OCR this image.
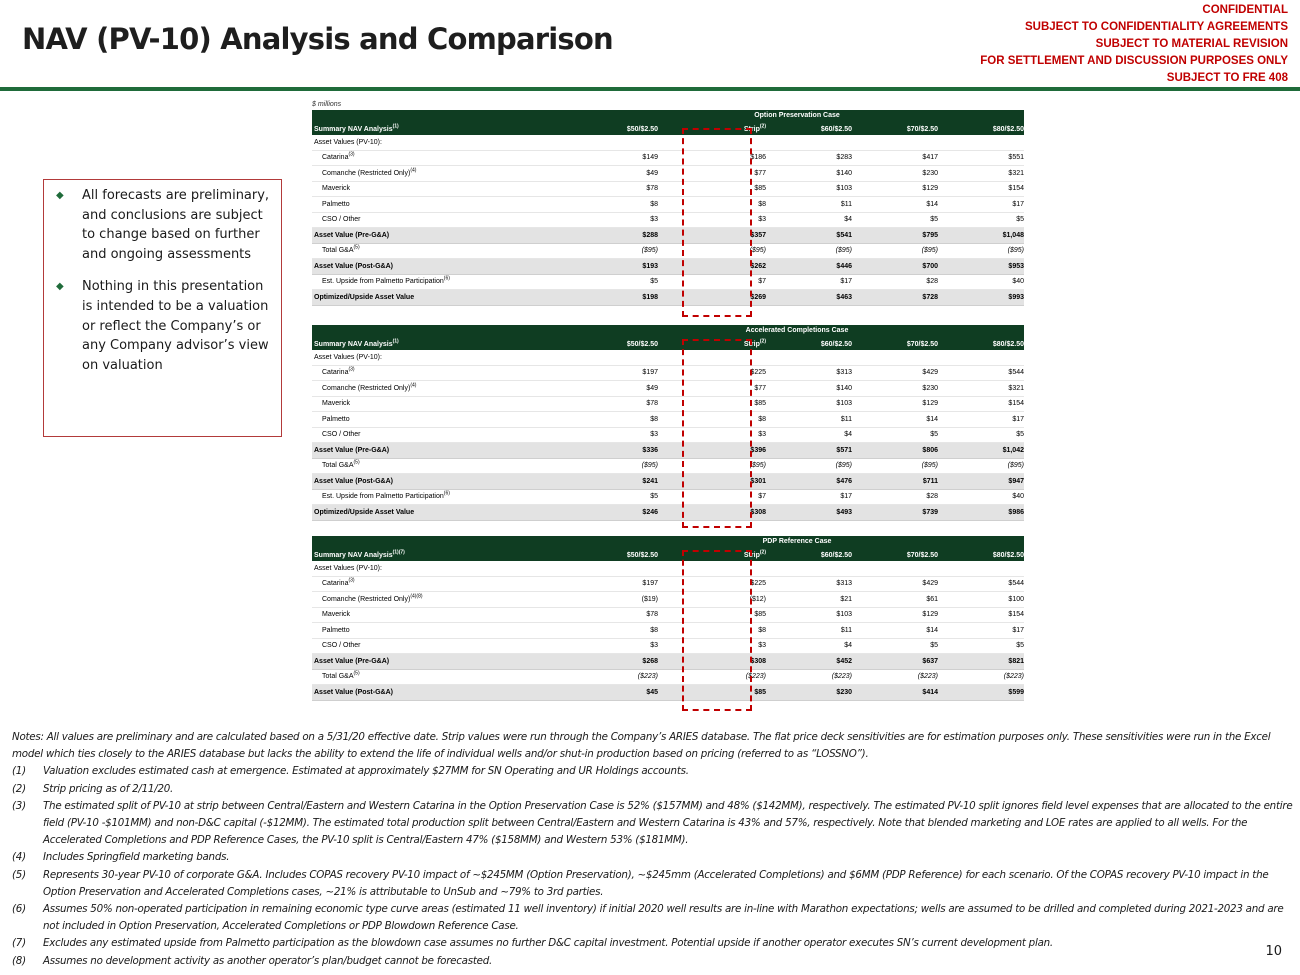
NAV (PV-10) Analysis and Comparison
CONFIDENTIAL
SUBJECT TO CONFIDENTIALITY AGREEMENTS
SUBJECT TO MATERIAL REVISION
FOR SETTLEMENT AND DISCUSSION PURPOSES ONLY
SUBJECT TO FRE 408
◆ All forecasts are preliminary, and conclusions are subject to change based on further and ongoing assessments
◆ Nothing in this presentation is intended to be a valuation or reflect the Company’s or any Company advisor’s view on valuation
$ millions
Option Preservation Case
Summary NAV Analysis$^{(1)}$	$50/$2.50	Strip$^{(2)}$	$60/$2.50	$70/$2.50	$80/$2.50
Asset Values (PV-10):
Catarina$^{(3)}$	$149	$186	$283	$417	$551
Comanche (Restricted Only)$^{(4)}$	$49	$77	$140	$230	$321
Maverick	$78	$85	$103	$129	$154
Palmetto	$8	$8	$11	$14	$17
CSO / Other	$3	$3	$4	$5	$5
Asset Value (Pre-G&A)	$288	$357	$541	$795	$1,048
Total $G\&A^{(5)}$	($95)	($95)	($95)	($95)	($95)
Asset Value (Post-G&A)	$193	$262	$446	$700	$953
Est. Upside from Palmetto Participation$^{(6)}$	$5	$7	$17	$28	$40
Optimized/Upside Asset Value	$198	$269	$463	$728	$993
Accelerated Completions Case
Summary NAV Analysis$^{(1)}$	$50/$2.50	Strip$^{(2)}$	$60/$2.50	$70/$2.50	$80/$2.50
Asset Values (PV-10):
Catarina$^{(3)}$	$197	$225	$313	$429	$544
Comanche (Restricted Only)$^{(4)}$	$49	$77	$140	$230	$321
Maverick	$78	$85	$103	$129	$154
Palmetto	$8	$8	$11	$14	$17
CSO / Other	$3	$3	$4	$5	$5
Asset Value (Pre-G&A)	$336	$396	$571	$806	$1,042
Total $G\&A^{(5)}$	($95)	($95)	($95)	($95)	($95)
Asset Value (Post-G&A)	$241	$301	$476	$711	$947
Est. Upside from Palmetto Participation$^{(6)}$	$5	$7	$17	$28	$40
Optimized/Upside Asset Value	$246	$308	$493	$739	$986
PDP Reference Case
Summary NAV Analysis$^{(1)(7)}$	$50/$2.50	Strip$^{(2)}$	$60/$2.50	$70/$2.50	$80/$2.50
Asset Values (PV-10):
Catarina$^{(3)}$	$197	$225	$313	$429	$544
Comanche (Restricted Only)$^{(4)(8)}$	($19)	($12)	$21	$61	$100
Maverick	$78	$85	$103	$129	$154
Palmetto	$8	$8	$11	$14	$17
CSO / Other	$3	$3	$4	$5	$5
Asset Value (Pre-G&A)	$268	$308	$452	$637	$821
Total $G\&A^{(5)}$	($223)	($223)	($223)	($223)	($223)
Asset Value (Post-G&A)	$45	$85	$230	$414	$599
Notes: All values are preliminary and are calculated based on a 5/31/20 effective date. Strip values were run through the Company’s ARIES database. The flat price deck sensitivities are for estimation purposes only. These sensitivities were run in the Excel model which ties closely to the ARIES database but lacks the ability to extend the life of individual wells and/or shut-in production based on pricing (referred to as “LOSSNO”).
(1)	Valuation excludes estimated cash at emergence. Estimated at approximately $27MM for SN Operating and UR Holdings accounts.
(2)	Strip pricing as of 2/11/20.
(3)	The estimated split of PV-10 at strip between Central/Eastern and Western Catarina in the Option Preservation Case is 52% ($157MM) and 48% ($142MM), respectively. The estimated PV-10 split ignores field level expenses that are allocated to the entire field (PV-10 -$101MM) and non-D&C capital (-$12MM). The estimated total production split between Central/Eastern and Western Catarina is 43% and 57%, respectively. Note that blended marketing and LOE rates are applied to all wells. For the Accelerated Completions and PDP Reference Cases, the PV-10 split is Central/Eastern 47% ($158MM) and Western 53% ($181MM).
(4)	Includes Springfield marketing bands.
(5)	Represents 30-year PV-10 of corporate G&A. Includes COPAS recovery PV-10 impact of ~$245MM (Option Preservation), ~$245mm (Accelerated Completions) and $6MM (PDP Reference) for each scenario. Of the COPAS recovery PV-10 impact in the Option Preservation and Accelerated Completions cases, ~21% is attributable to UnSub and ~79% to 3rd parties.
(6)	Assumes 50% non-operated participation in remaining economic type curve areas (estimated 11 well inventory) if initial 2020 well results are in-line with Marathon expectations; wells are assumed to be drilled and completed during 2021-2023 and are not included in Option Preservation, Accelerated Completions or PDP Blowdown Reference Case.
(7)	Excludes any estimated upside from Palmetto participation as the blowdown case assumes no further D&C capital investment. Potential upside if another operator executes SN’s current development plan.
(8)	Assumes no development activity as another operator’s plan/budget cannot be forecasted.
10
